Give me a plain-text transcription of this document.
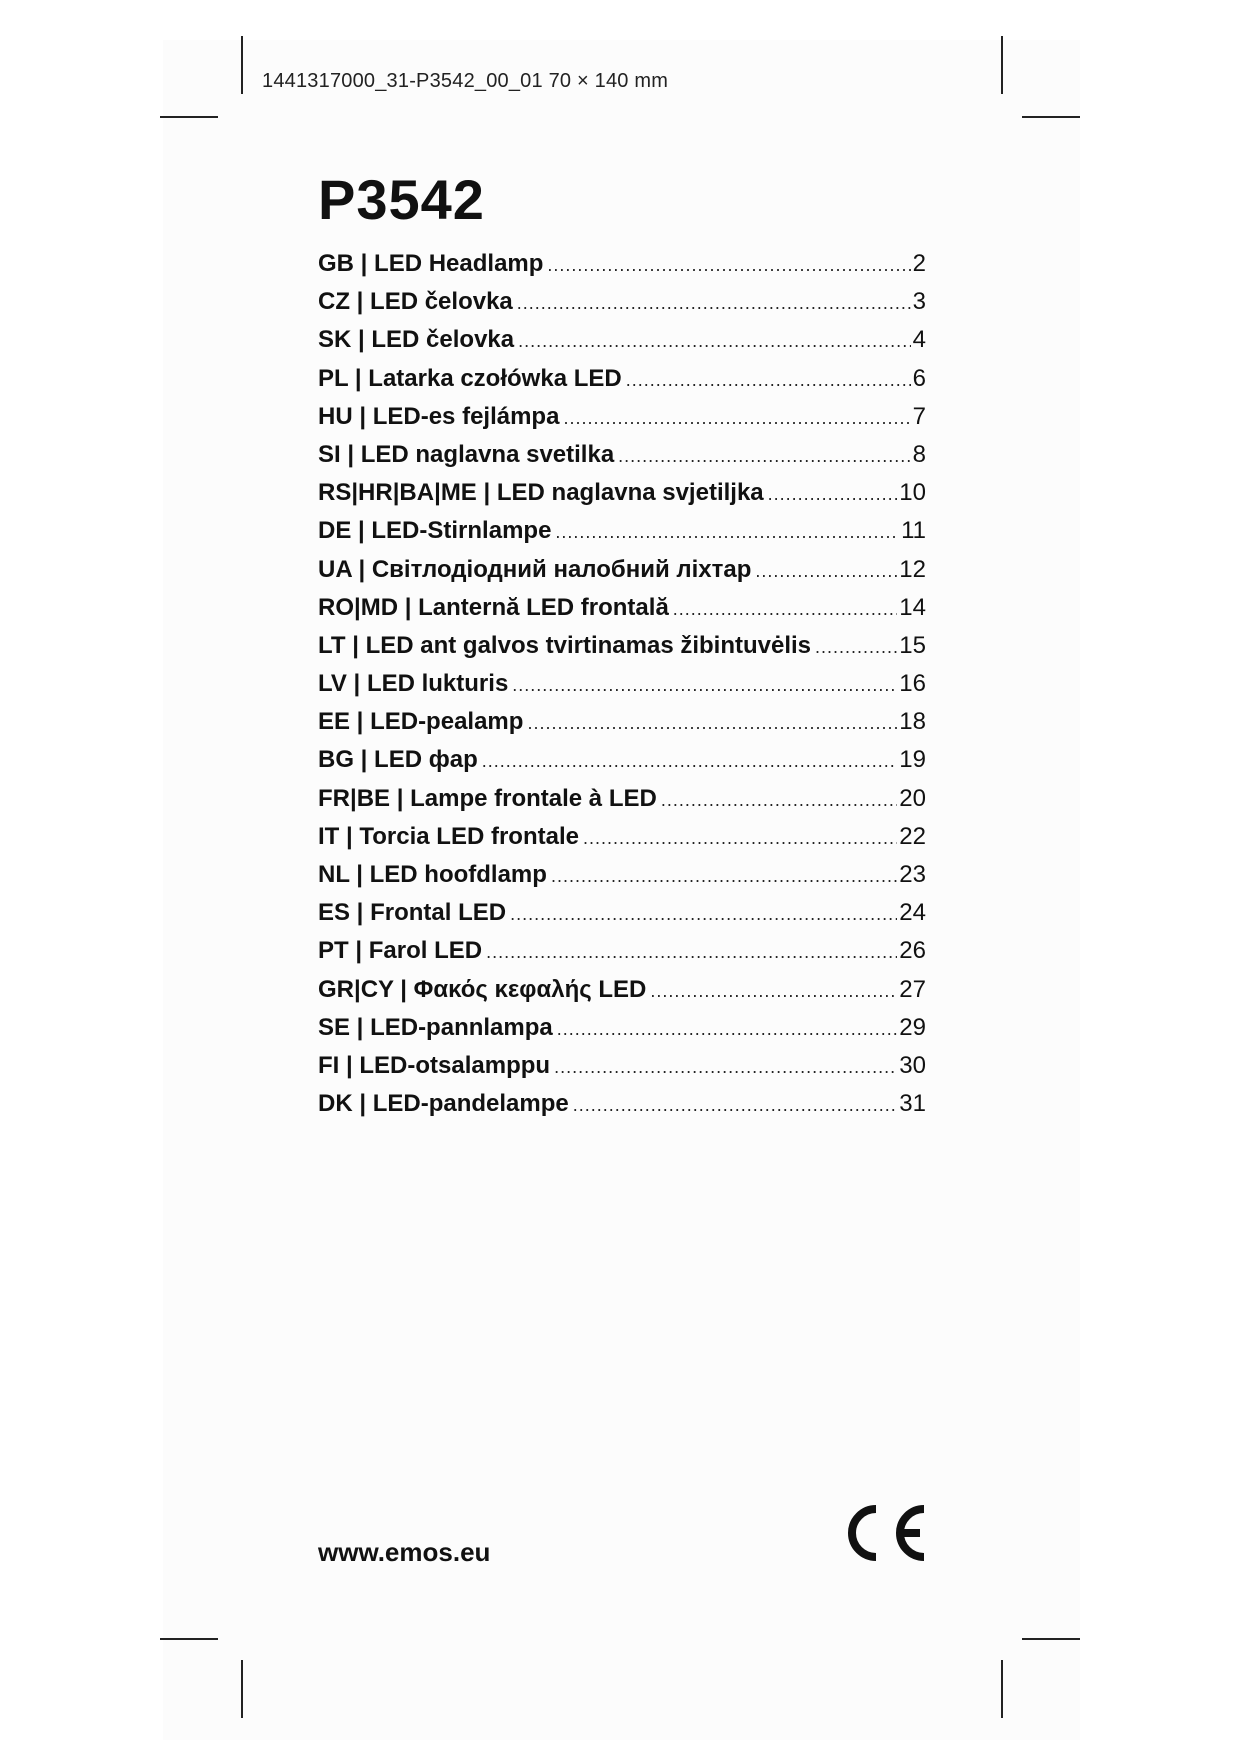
1441317000_31-P3542_00_01 70 × 140 mm
P3542
GB | LED Headlamp .....	2
CZ | LED čelovka .....	3
SK | LED čelovka .....	4
PL | Latarka czołówka LED .....	6
HU | LED-es fejlámpa .....	7
SI | LED naglavna svetilka .....	8
RS|HR|BA|ME | LED naglavna svjetiljka .....	10
DE | LED-Stirnlampe .....	11
UA | Світлодіодний налобний ліхтар .....	12
RO|MD | Lanternă LED frontală .....	14
LT | LED ant galvos tvirtinamas žibintuvėlis .....	15
LV | LED lukturis .....	16
EE | LED-pealamp .....	18
BG | LED фар .....	19
FR|BE | Lampe frontale à LED .....	20
IT | Torcia LED frontale .....	22
NL | LED hoofdlamp .....	23
ES | Frontal LED .....	24
PT | Farol LED .....	26
GR|CY | Φακός κεφαλής LED .....	27
SE | LED-pannlampa .....	29
FI | LED-otsalamppu .....	30
DK | LED-pandelampe .....	31
www.emos.eu
